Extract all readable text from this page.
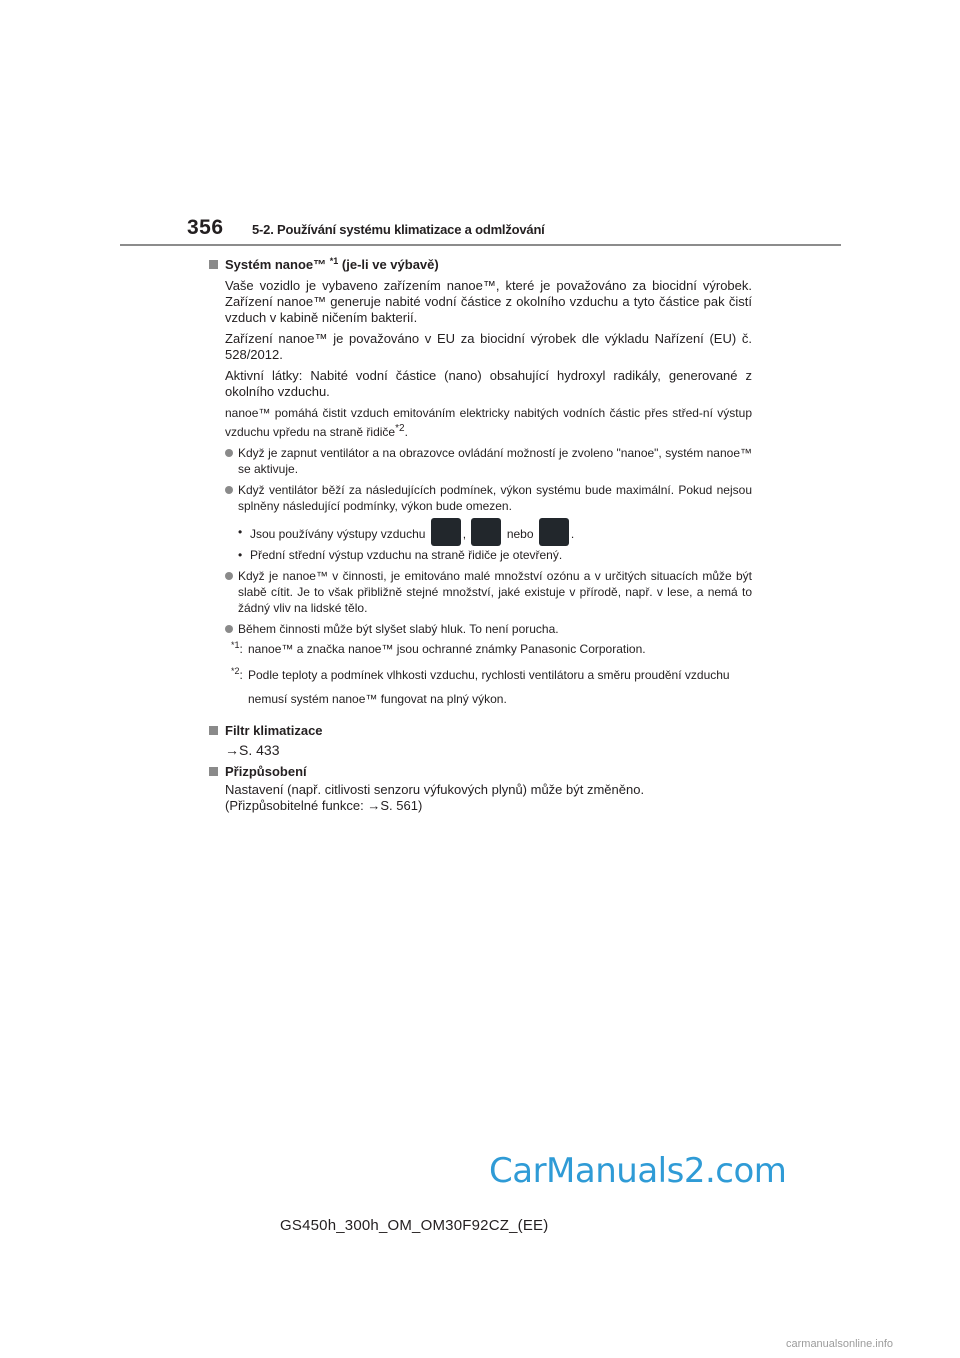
356 5-2. Používání systému klimatizace a odmlžování
Systém nanoe™ $^{*1}$ (je-li ve výbavě)
Vaše vozidlo je vybaveno zařízením nanoe™, které je považováno za biocidní výrobek. Zařízení nanoe™ generuje nabité vodní částice z okolního vzduchu a tyto částice pak čistí vzduch v kabině ničením bakterií.
Zařízení nanoe™ je považováno v EU za biocidní výrobek dle výkladu Nařízení (EU) č. 528/2012.
Aktivní látky: Nabité vodní částice (nano) obsahující hydroxyl radikály, generované z okolního vzduchu.
nanoe™ pomáhá čistit vzduch emitováním elektricky nabitých vodních částic přes střed-ní výstup vzduchu vpředu na straně řidiče$^{*2}$.
Když je zapnut ventilátor a na obrazovce ovládání možností je zvoleno "nanoe", systém nanoe™ se aktivuje.
Když ventilátor běží za následujících podmínek, výkon systému bude maximální. Pokud nejsou splněny následující podmínky, výkon bude omezen.
• Jsou používány výstupy vzduchu	,	nebo	.
• Přední střední výstup vzduchu na straně řidiče je otevřený.
Když je nanoe™ v činnosti, je emitováno malé množství ozónu a v určitých situacích může být slabě cítit. Je to však přibližně stejné množství, jaké existuje v přírodě, např. v lese, a nemá to žádný vliv na lidské tělo.
Během činnosti může být slyšet slabý hluk. To není porucha.
$^{*1}$: nanoe™ a značka nanoe™ jsou ochranné známky Panasonic Corporation.
$^{*2}$: Podle teploty a podmínek vlhkosti vzduchu, rychlosti ventilátoru a směru proudění vzduchu nemusí systém nanoe™ fungovat na plný výkon.
Filtr klimatizace
→S. 433
Přizpůsobení
Nastavení (např. citlivosti senzoru výfukových plynů) může být změněno.
(Přizpůsobitelné funkce: →S. 561)
CarManuals2.com
GS450h_300h_OM_OM30F92CZ_(EE)
carmanualsonline.info
